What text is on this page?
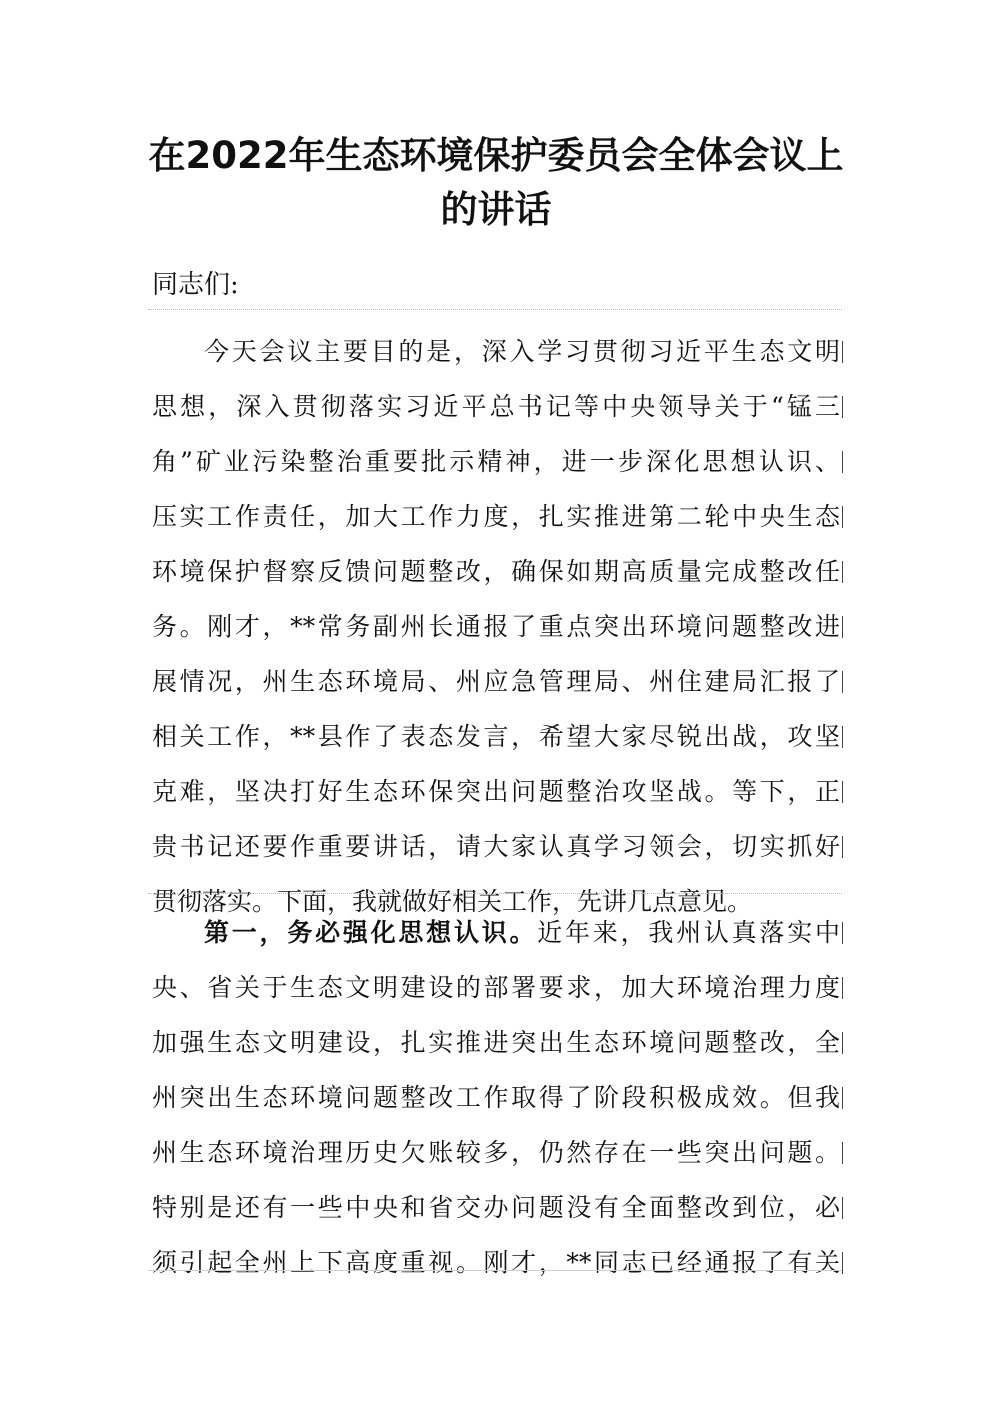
在2022年生态环境保护委员会全体会议上
的讲话
同志们:
今天会议主要目的是，深入学习贯彻习近平生态文明
思想，深入贯彻落实习近平总书记等中央领导关于“锰三
角”矿业污染整治重要批示精神，进一步深化思想认识、
压实工作责任，加大工作力度，扎实推进第二轮中央生态
环境保护督察反馈问题整改，确保如期高质量完成整改任
务。刚才，**常务副州长通报了重点突出环境问题整改进
展情况，州生态环境局、州应急管理局、州住建局汇报了
相关工作，**县作了表态发言，希望大家尽锐出战，攻坚
克难，坚决打好生态环保突出问题整治攻坚战。等下，正
贵书记还要作重要讲话，请大家认真学习领会，切实抓好
贯彻落实。下面，我就做好相关工作，先讲几点意见。
第一，务必强化思想认识。近年来，我州认真落实中
央、省关于生态文明建设的部署要求，加大环境治理力度
加强生态文明建设，扎实推进突出生态环境问题整改，全
州突出生态环境问题整改工作取得了阶段积极成效。但我
州生态环境治理历史欠账较多，仍然存在一些突出问题。
特别是还有一些中央和省交办问题没有全面整改到位，必
须引起全州上下高度重视。刚才，**同志已经通报了有关
